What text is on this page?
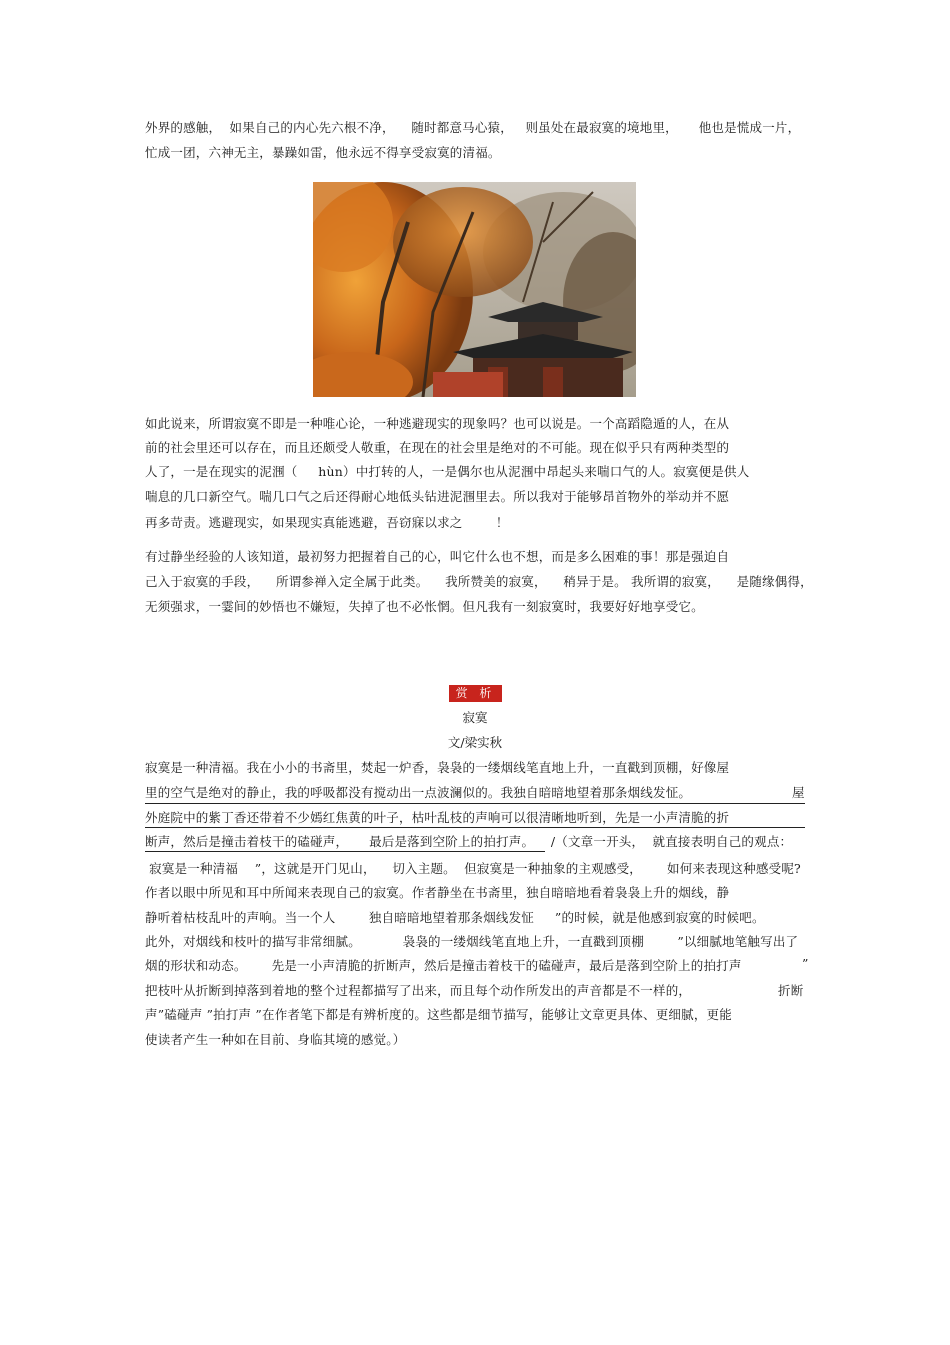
外界的感触，  如果自己的内心先六根不净，    随时都意马心猿，   则虽处在最寂寞的境地里，     他也是慌成一片，
忙成一团，六神无主，暴躁如雷，他永远不得享受寂寞的清福。
如此说来，所谓寂寞不即是一种唯心论，一种逃避现实的现象吗？也可以说是。一个高蹈隐遁的人，在从
前的社会里还可以存在，而且还颇受人敬重，在现在的社会里是绝对的不可能。现在似乎只有两种类型的
人了，一是在现实的泥涠（     hùn）中打转的人，一是偶尔也从泥涠中昂起头来喘口气的人。寂寞便是供人
喘息的几口新空气。喘几口气之后还得耐心地低头钻进泥涠里去。所以我对于能够昂首物外的举动并不愿
再多苛责。逃避现实，如果现实真能逃避，吾窃寐以求之        ！
有过静坐经验的人该知道，最初努力把握着自己的心，叫它什么也不想，而是多么困难的事！那是强迫自
己入于寂寞的手段，    所谓参禅入定全属于此类。    我所赞美的寂寞，    稍异于是。 我所谓的寂寞，    是随缘偶得，
无须强求，一霎间的妙悟也不嫌短，失掉了也不必怅惘。但凡我有一刻寂寞时，我要好好地享受它。
赏 析
寂寞
文/梁实秋
寂寞是一种清福。我在小小的书斋里，焚起一炉香，袅袅的一缕烟线笔直地上升，一直戳到顶棚，好像屋
里的空气是绝对的静止，我的呼吸都没有搅动出一点波澜似的。我独自暗暗地望着那条烟线发怔。	屋
外庭院中的紫丁香还带着不少嫣红焦黄的叶子，枯叶乱枝的声响可以很清晰地听到，先是一小声清脆的折
断声，然后是撞击着枝干的磕碰声，     最后是落到空阶上的拍打声。    /（文章一开头，  就直接表明自己的观点：
寂寞是一种清福    ”，这就是开门见山，    切入主题。  但寂寞是一种抽象的主观感受，      如何来表现这种感受呢?
作者以眼中所见和耳中所闻来表现自己的寂寞。作者静坐在书斋里，独自暗暗地看着袅袅上升的烟线，静
静听着枯枝乱叶的声响。当一个人        独自暗暗地望着那条烟线发怔     ”的时候，就是他感到寂寞的时候吧。
此外，对烟线和枝叶的描写非常细腻。          袅袅的一缕烟线笔直地上升，一直戳到顶棚        ”以细腻地笔触写出了
烟的形状和动态。      先是一小声清脆的折断声，然后是撞击着枝干的磕碰声，最后是落到空阶上的拍打声	”
把枝叶从折断到掉落到着地的整个过程都描写了出来，而且每个动作所发出的声音都是不一样的，	折断
声”磕碰声 ”拍打声 ”在作者笔下都是有辨析度的。这些都是细节描写，能够让文章更具体、更细腻，更能
使读者产生一种如在目前、身临其境的感觉。）
